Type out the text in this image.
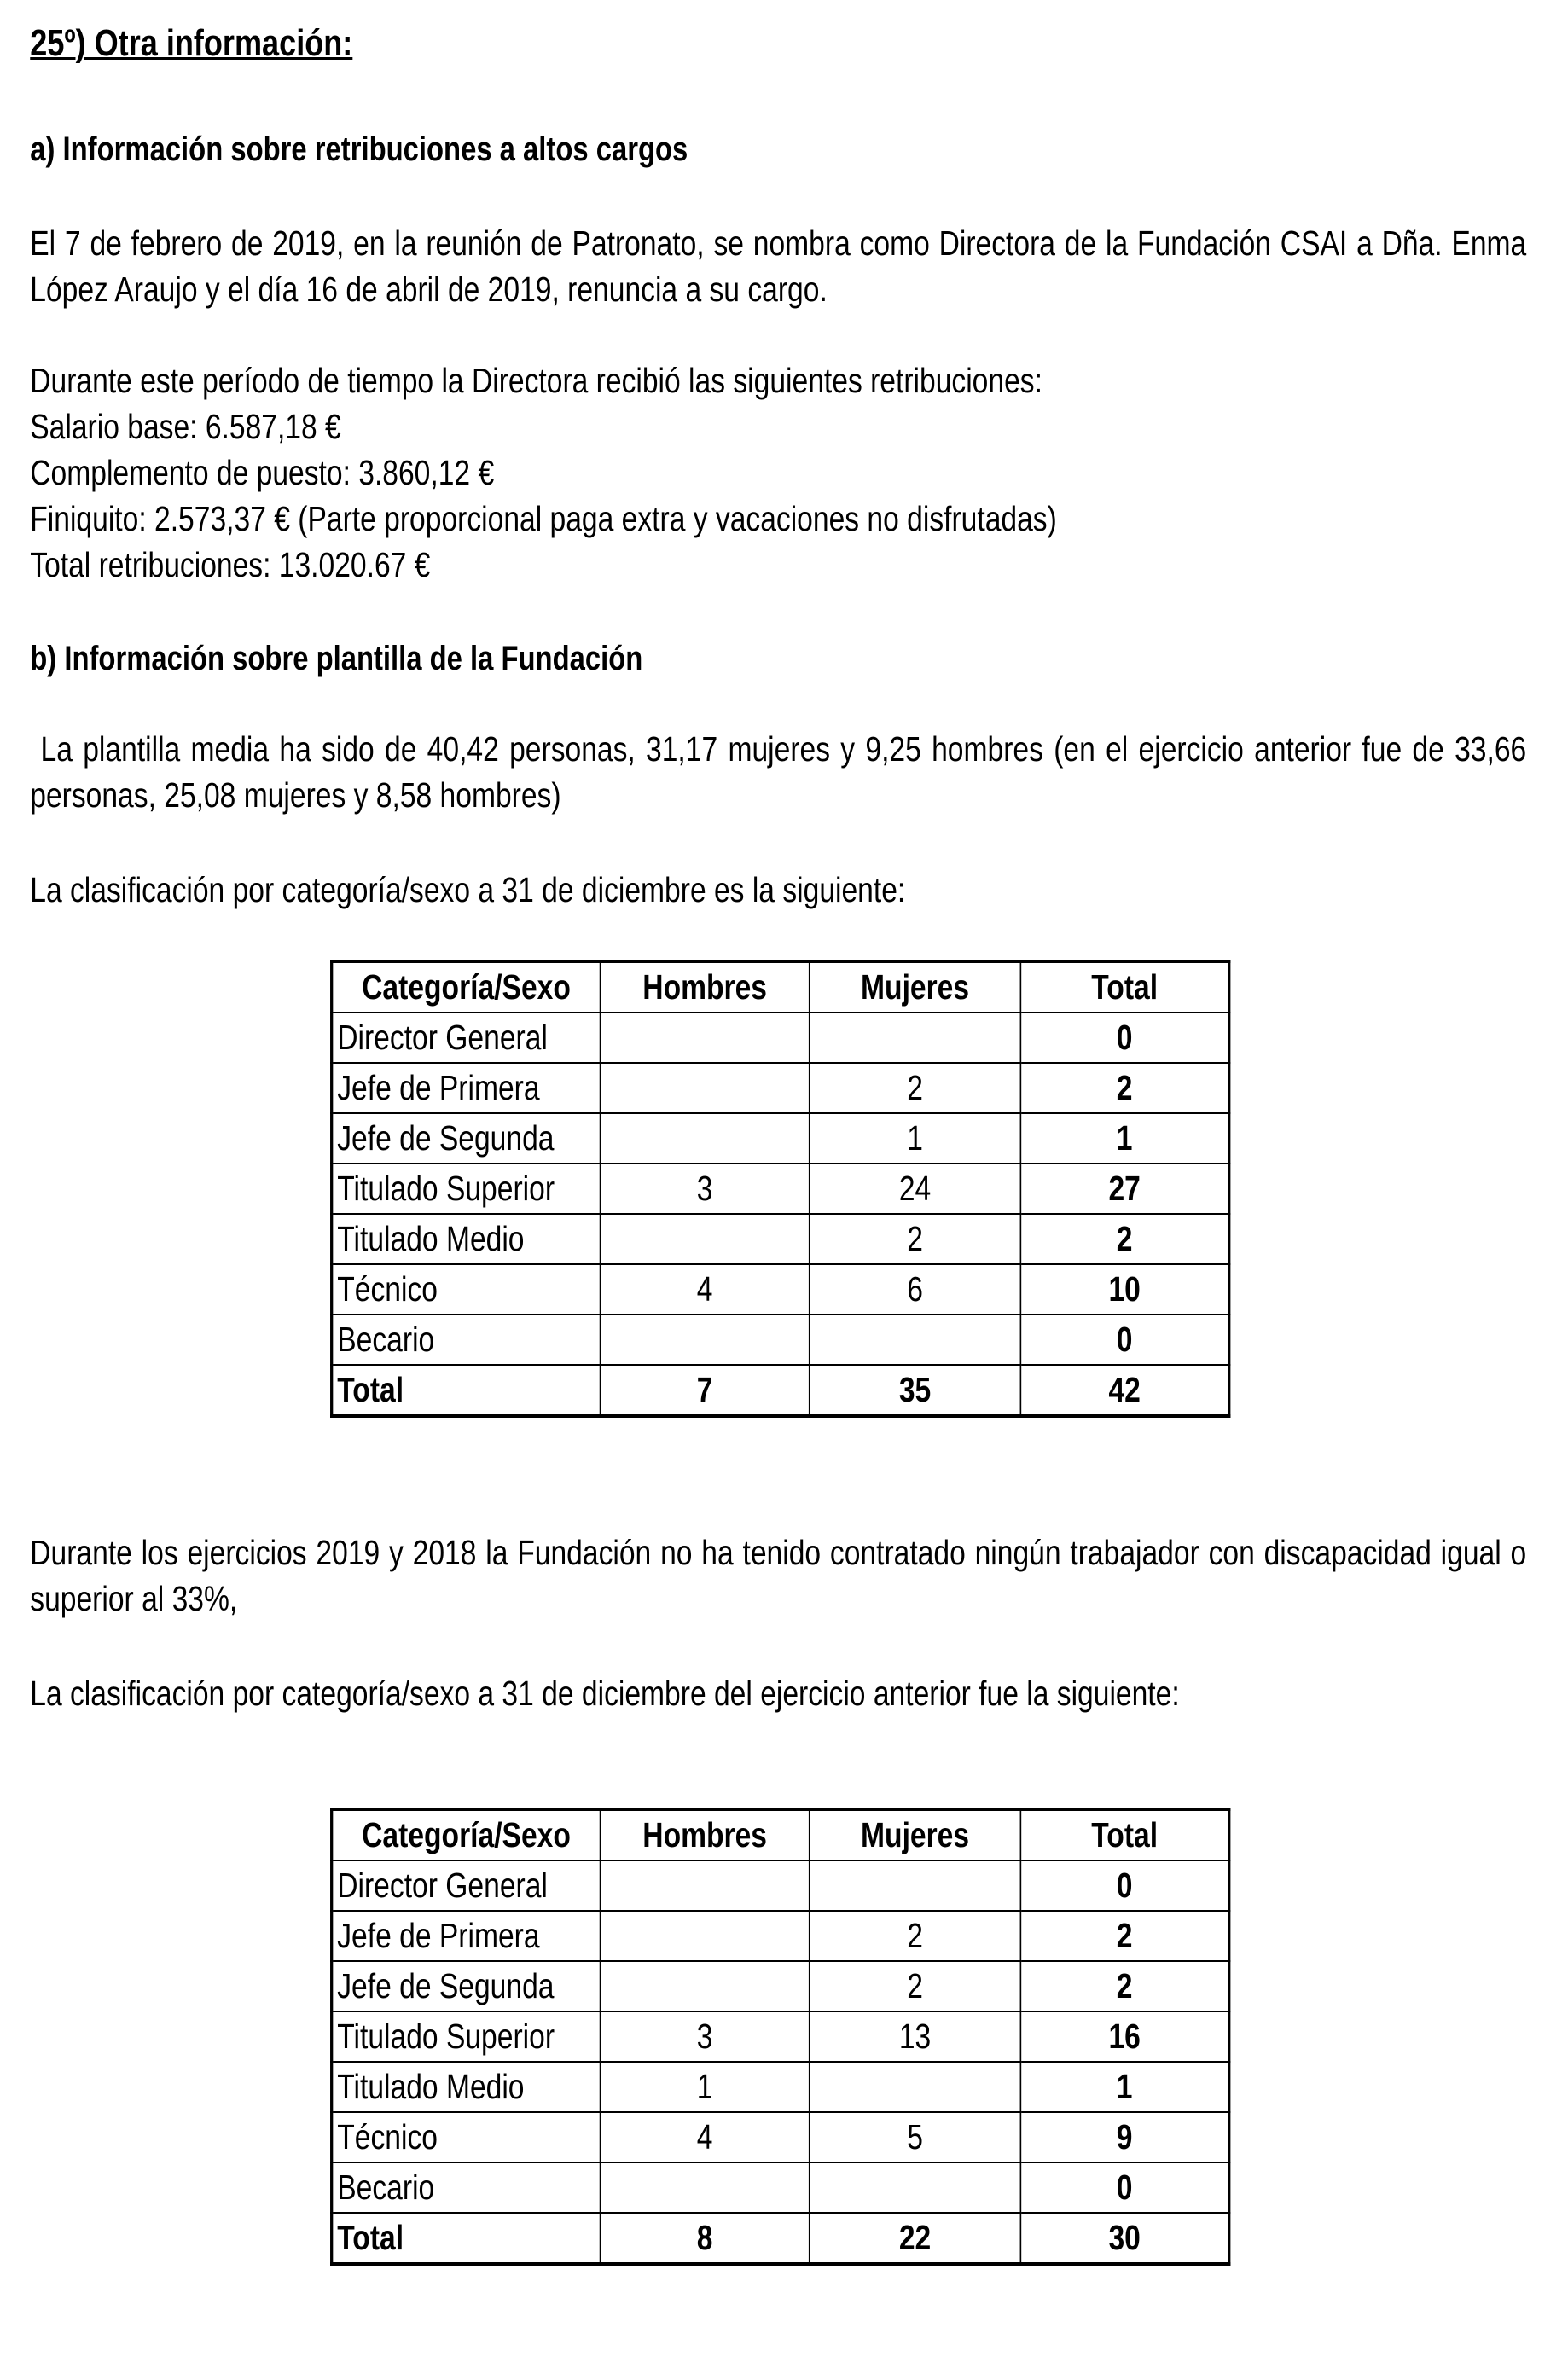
25º) Otra información:
a) Información sobre retribuciones a altos cargos
El 7 de febrero de 2019, en la reunión de Patronato, se nombra como Directora de la Fundación CSAI a Dña. Enma López Araujo y el día 16 de abril de 2019, renuncia a su cargo.
Durante este período de tiempo la Directora recibió las siguientes retribuciones:
Salario base: 6.587,18 €
Complemento de puesto: 3.860,12 €
Finiquito: 2.573,37 € (Parte proporcional paga extra y vacaciones no disfrutadas)
Total retribuciones: 13.020.67 €
b) Información sobre plantilla de la Fundación
La plantilla media ha sido de 40,42 personas, 31,17 mujeres y 9,25 hombres (en el ejercicio anterior fue de 33,66 personas, 25,08 mujeres y 8,58 hombres)
La clasificación por categoría/sexo a 31 de diciembre es la siguiente:
Categoría/Sexo	Hombres	Mujeres	Total
Director General			0
Jefe de Primera		2	2
Jefe de Segunda		1	1
Titulado Superior	3	24	27
Titulado Medio		2	2
Técnico	4	6	10
Becario			0
Total	7	35	42
Durante los ejercicios 2019 y 2018 la Fundación no ha tenido contratado ningún trabajador con discapacidad igual o superior al 33%,
La clasificación por categoría/sexo a 31 de diciembre del ejercicio anterior fue la siguiente:
Categoría/Sexo	Hombres	Mujeres	Total
Director General			0
Jefe de Primera		2	2
Jefe de Segunda		2	2
Titulado Superior	3	13	16
Titulado Medio	1		1
Técnico	4	5	9
Becario			0
Total	8	22	30
